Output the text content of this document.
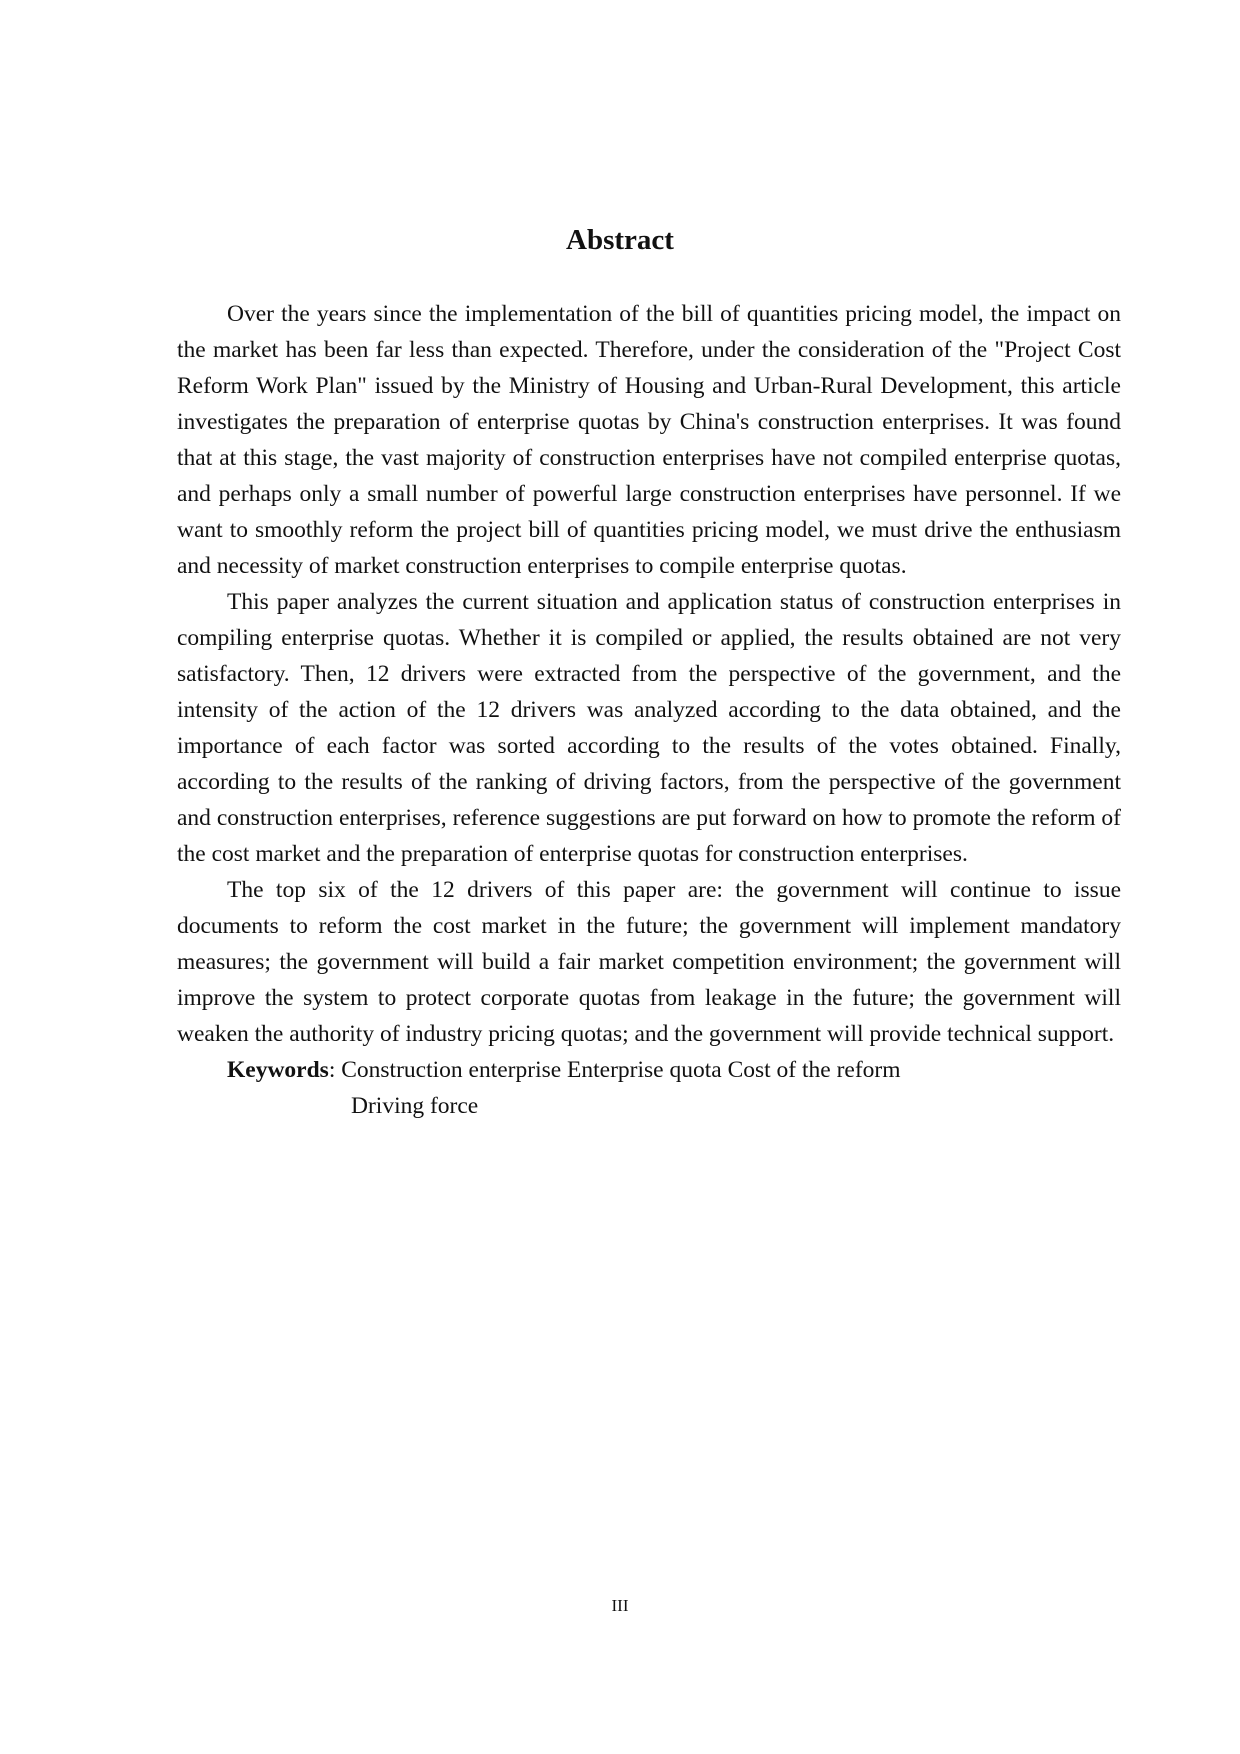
Abstract

Over the years since the implementation of the bill of quantities pricing model, the impact on the market has been far less than expected. Therefore, under the consideration of the "Project Cost Reform Work Plan" issued by the Ministry of Housing and Urban-Rural Development, this article investigates the preparation of enterprise quotas by China's construction enterprises. It was found that at this stage, the vast majority of construction enterprises have not compiled enterprise quotas, and perhaps only a small number of powerful large construction enterprises have personnel. If we want to smoothly reform the project bill of quantities pricing model, we must drive the enthusiasm and necessity of market construction enterprises to compile enterprise quotas.

This paper analyzes the current situation and application status of construction enterprises in compiling enterprise quotas. Whether it is compiled or applied, the results obtained are not very satisfactory. Then, 12 drivers were extracted from the perspective of the government, and the intensity of the action of the 12 drivers was analyzed according to the data obtained, and the importance of each factor was sorted according to the results of the votes obtained. Finally, according to the results of the ranking of driving factors, from the perspective of the government and construction enterprises, reference suggestions are put forward on how to promote the reform of the cost market and the preparation of enterprise quotas for construction enterprises.

The top six of the 12 drivers of this paper are: the government will continue to issue documents to reform the cost market in the future; the government will implement mandatory measures; the government will build a fair market competition environment; the government will improve the system to protect corporate quotas from leakage in the future; the government will weaken the authority of industry pricing quotas; and the government will provide technical support.

Keywords: Construction enterprise Enterprise quota Cost of the reform

Driving force

III
